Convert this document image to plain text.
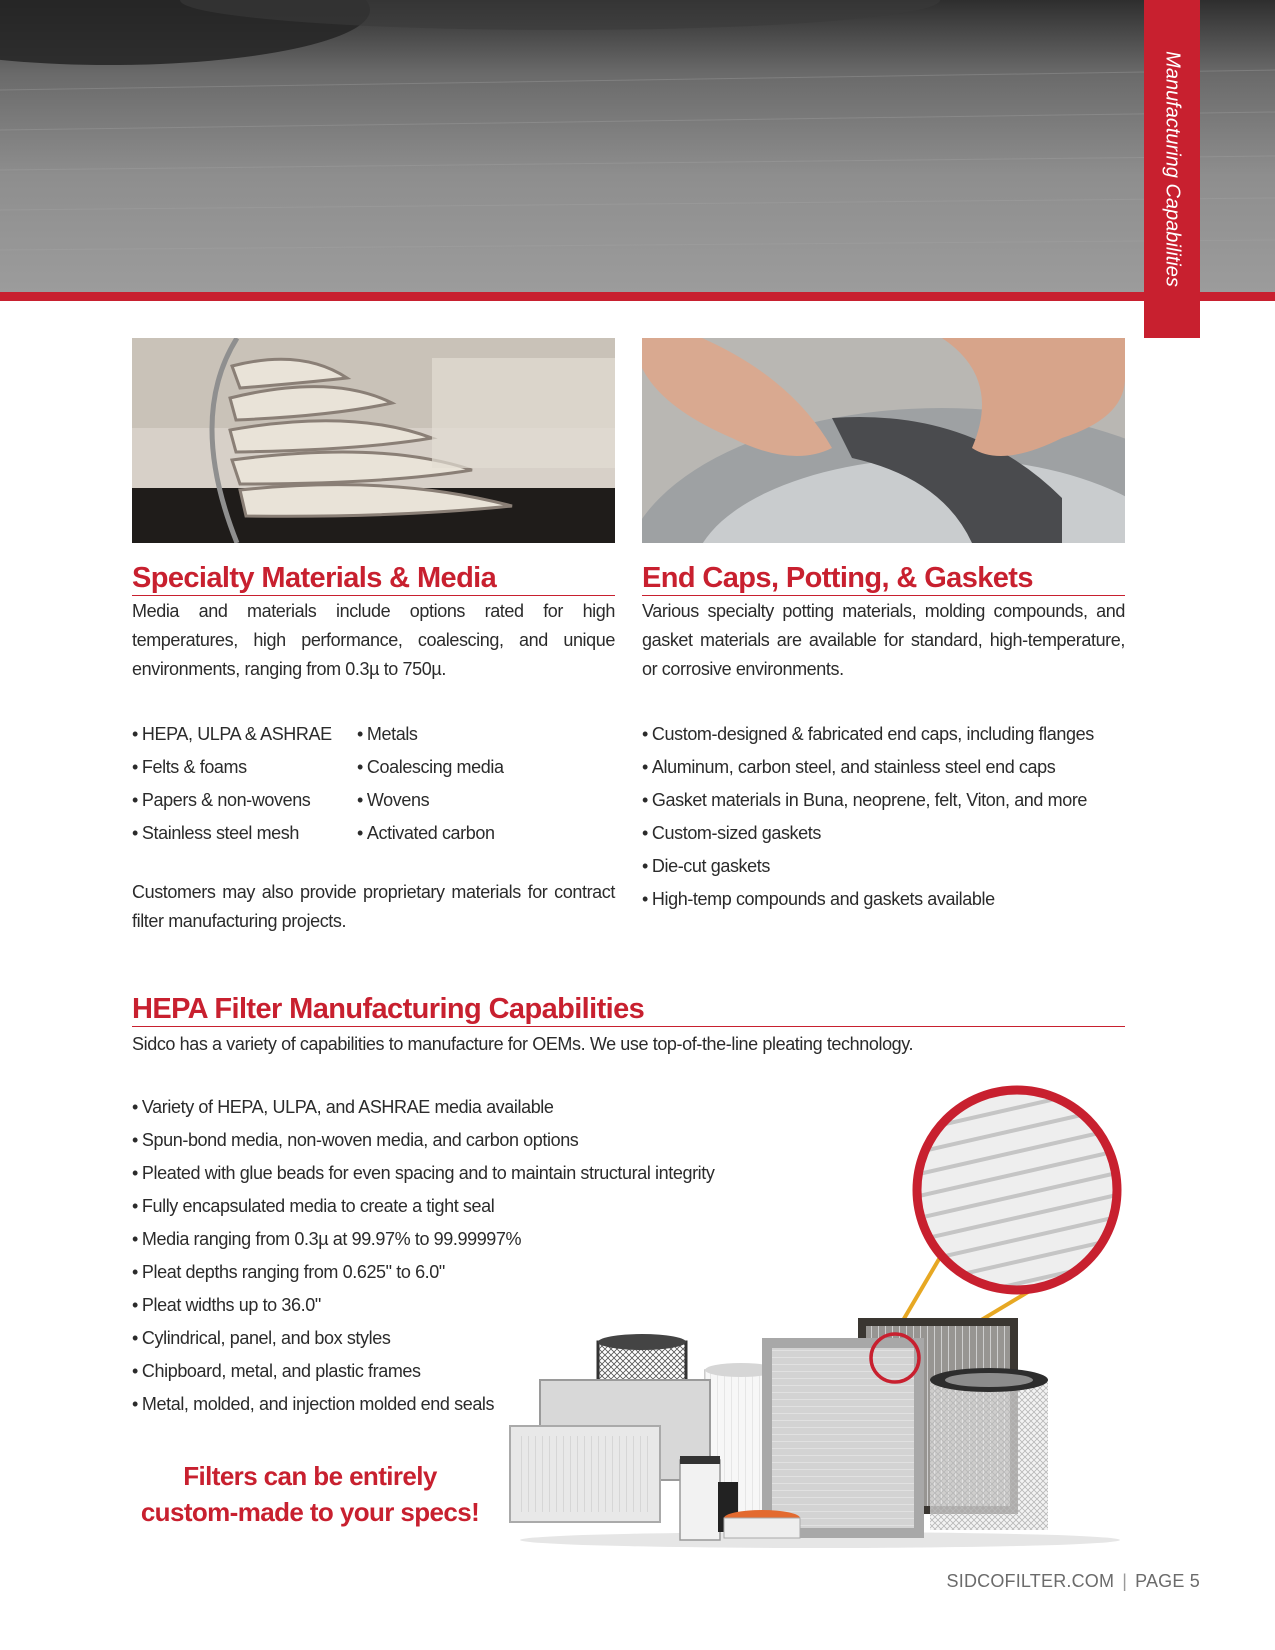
Manufacturing Capabilities
Specialty Materials & Media
Media and materials include options rated for high temperatures, high performance, coalescing, and unique environments, ranging from 0.3µ to 750µ.
• HEPA, ULPA & ASHRAE
• Felts & foams
• Papers & non-wovens
• Stainless steel mesh
• Metals
• Coalescing media
• Wovens
• Activated carbon
Customers may also provide proprietary materials for contract filter manufacturing projects.
End Caps, Potting, & Gaskets
Various specialty potting materials, molding compounds, and gasket materials are available for standard, high-temperature, or corrosive environments.
• Custom-designed & fabricated end caps, including flanges
• Aluminum, carbon steel, and stainless steel end caps
• Gasket materials in Buna, neoprene, felt, Viton, and more
• Custom-sized gaskets
• Die-cut gaskets
• High-temp compounds and gaskets available
HEPA Filter Manufacturing Capabilities
Sidco has a variety of capabilities to manufacture for OEMs. We use top-of-the-line pleating technology.
• Variety of HEPA, ULPA, and ASHRAE media available
• Spun-bond media, non-woven media, and carbon options
• Pleated with glue beads for even spacing and to maintain structural integrity
• Fully encapsulated media to create a tight seal
• Media ranging from 0.3µ at 99.97% to 99.99997%
• Pleat depths ranging from 0.625" to 6.0"
• Pleat widths up to 36.0"
• Cylindrical, panel, and box styles
• Chipboard, metal, and plastic frames
• Metal, molded, and injection molded end seals
Filters can be entirely
custom-made to your specs!
SIDCOFILTER.COM | PAGE 5
